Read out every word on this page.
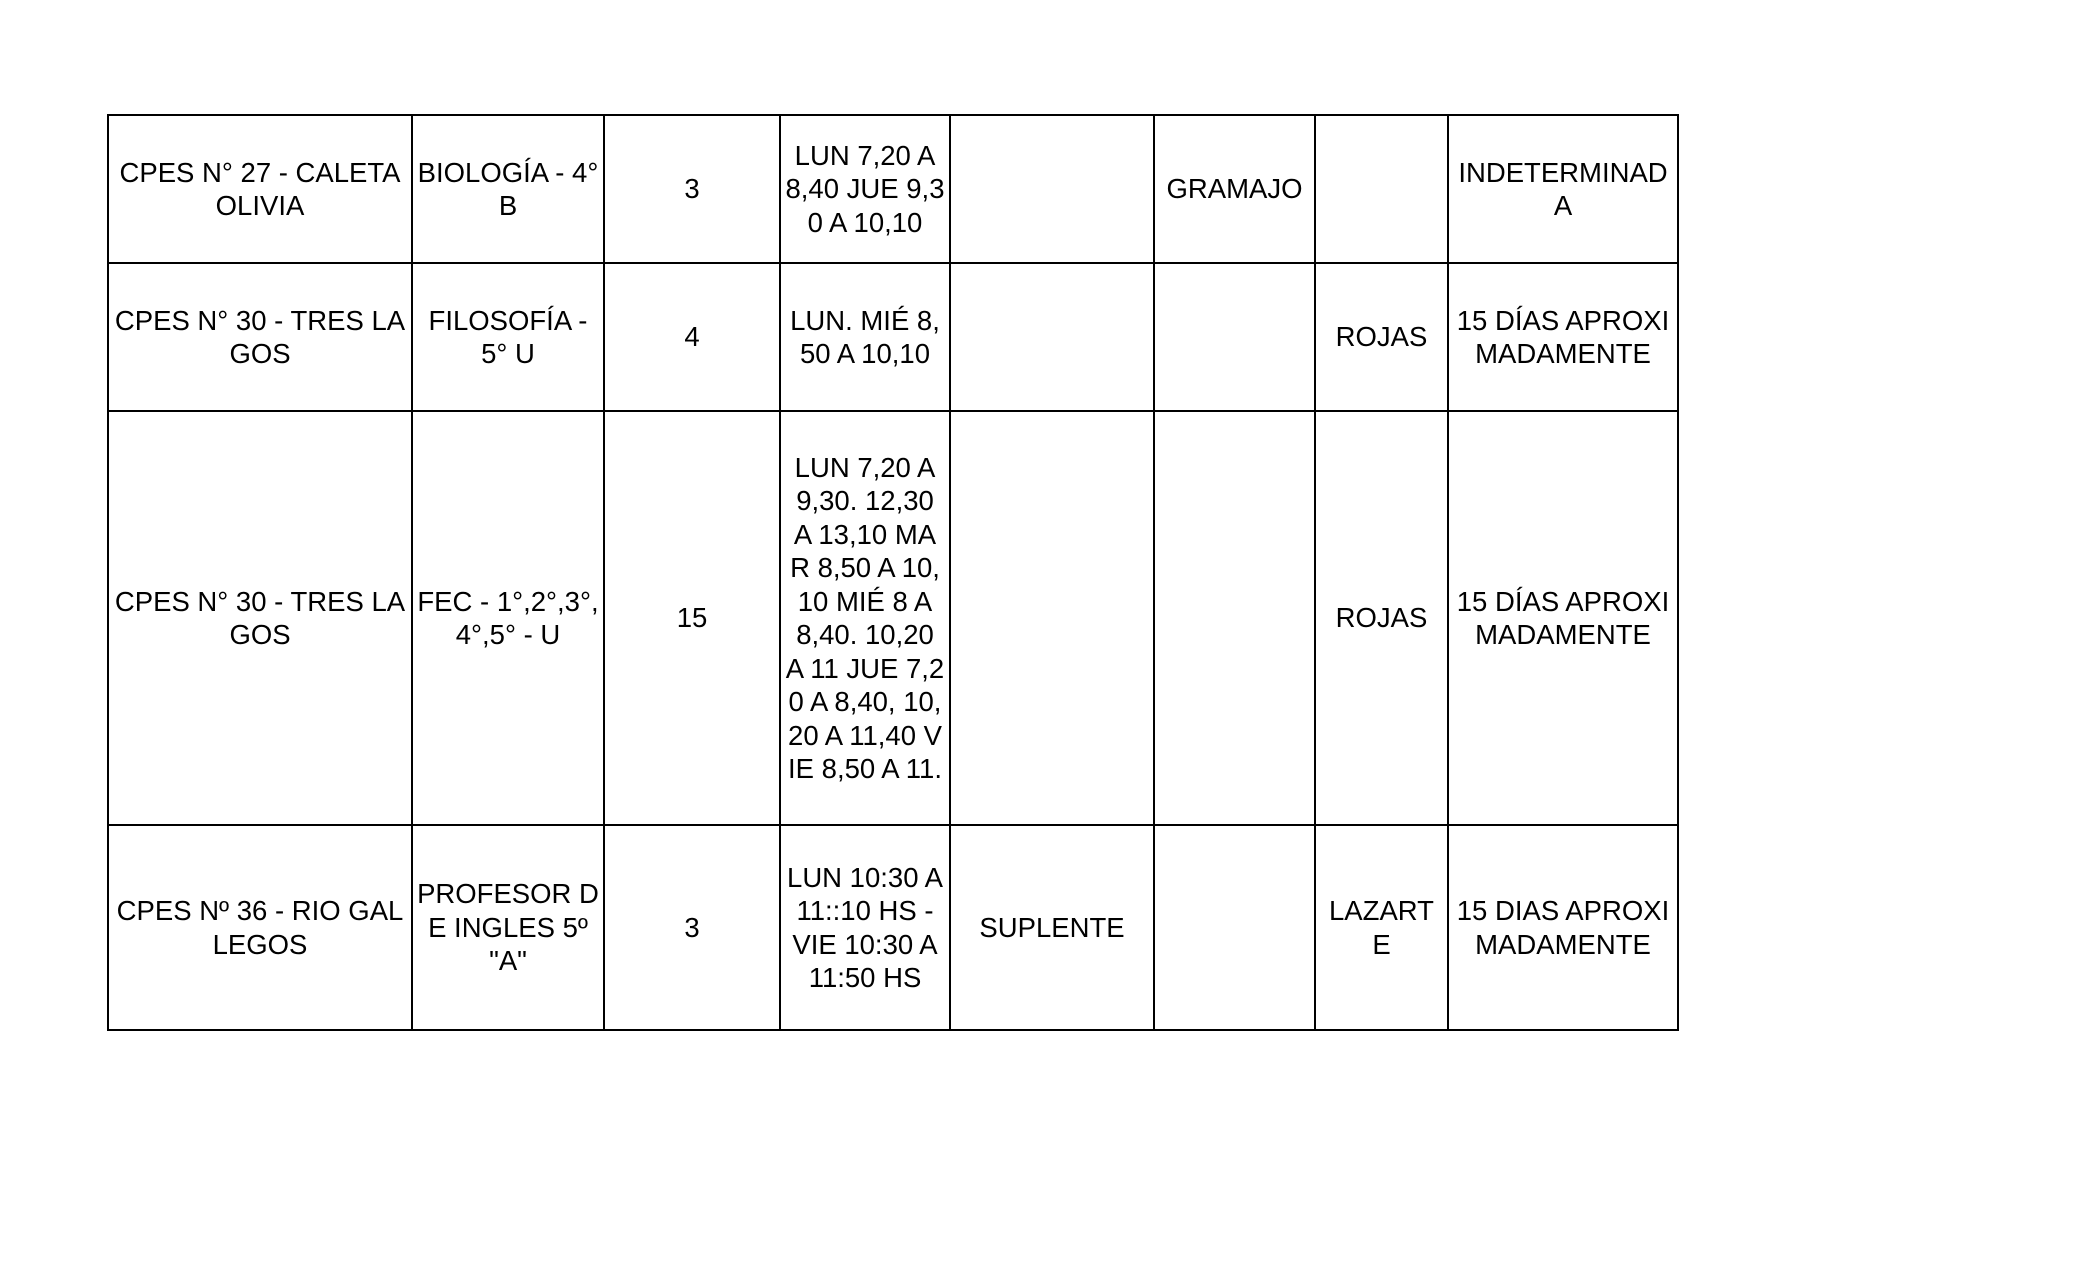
CPES N° 27 - CALETA OLIVIA	BIOLOGÍA - 4° B	3	LUN 7,20 A 8,40 JUE 9,30 A 10,10		GRAMAJO		INDETERMINADA

CPES N° 30 - TRES LAGOS	FILOSOFÍA - 5° U	4	LUN. MIÉ 8,50 A 10,10			ROJAS	15 DÍAS APROXIMADAMENTE

CPES N° 30 - TRES LAGOS	FEC - 1°,2°,3°,4°,5° - U	15	LUN 7,20 A 9,30. 12,30 A 13,10 MAR 8,50 A 10,10 MIÉ 8 A 8,40. 10,20 A 11 JUE 7,20 A 8,40, 10,20 A 11,40 VIE 8,50 A 11.			ROJAS	15 DÍAS APROXIMADAMENTE

CPES Nº 36 - RIO GALLEGOS	PROFESOR DE INGLES 5º "A"	3	LUN 10:30 A 11::10 HS - VIE 10:30 A 11:50 HS	SUPLENTE		LAZARTE	15 DIAS APROXIMADAMENTE
